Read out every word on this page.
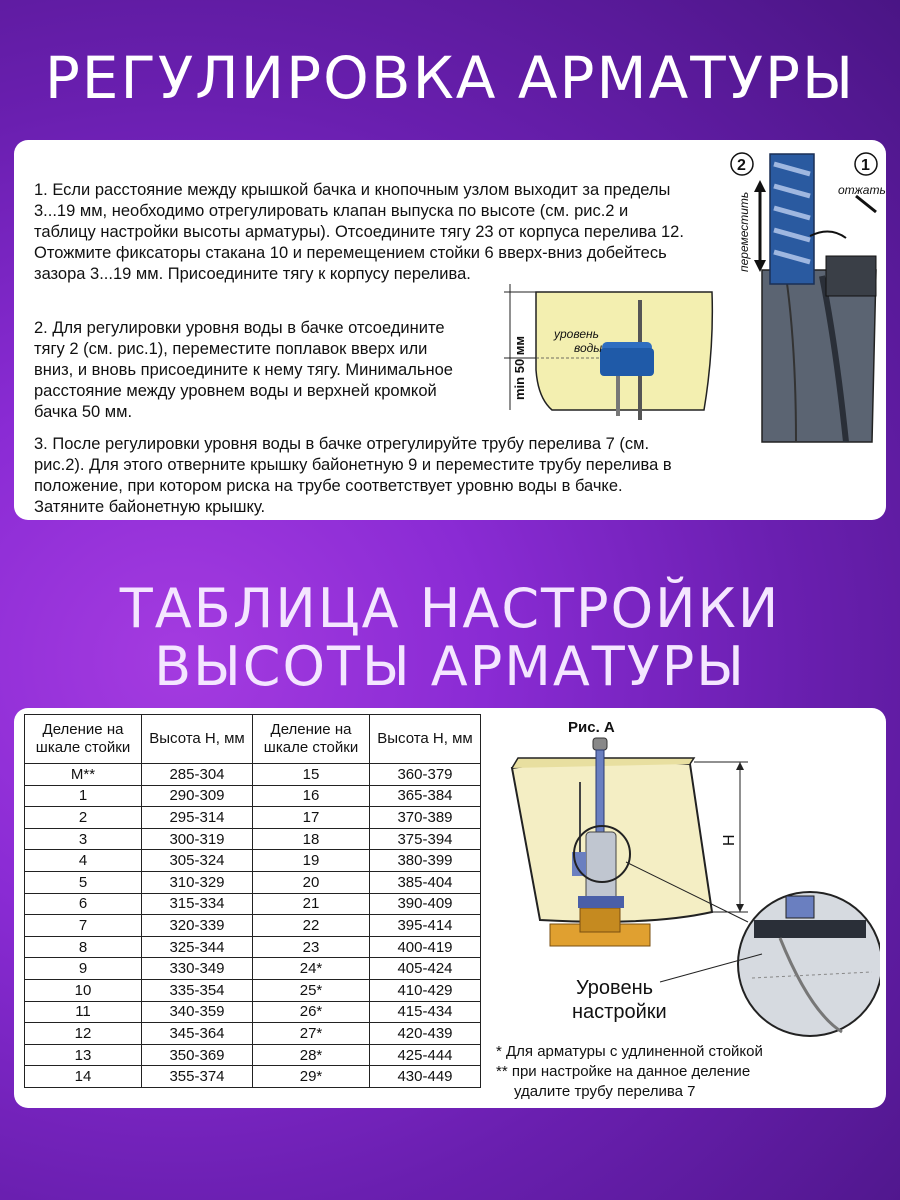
РЕГУЛИРОВКА АРМАТУРЫ
1. Если расстояние между крышкой бачка и кнопочным узлом выходит за пределы 3...19 мм, необходимо отрегулировать клапан выпуска по высоте (см. рис.2 и таблицу настройки высоты арматуры). Отсоедините тягу 23 от корпуса перелива 12. Отожмите фиксаторы стакана 10 и перемещением стойки 6 вверх-вниз добейтесь зазора 3...19 мм. Присоедините тягу к корпусу перелива.
2. Для регулировки уровня воды в бачке отсоедините тягу 2 (см. рис.1), переместите поплавок вверх или вниз, и вновь присоедините к нему тягу. Минимальное расстояние между уровнем воды и верхней кромкой бачка 50 мм.
3. После регулировки уровня воды в бачке отрегулируйте трубу перелива 7 (см. рис.2). Для этого отверните крышку байонетную 9 и переместите трубу перелива в положение, при котором риска на трубе соответствует уровню воды в бачке. Затяните байонетную крышку.
min 50 мм
уровень
воды
2	1
переместить
отжать
ТАБЛИЦА НАСТРОЙКИ
ВЫСОТЫ АРМАТУРЫ
Деление на шкале стойки	Высота Н, мм	Деление на шкале стойки	Высота Н, мм
M**	285-304	15	360-379
1	290-309	16	365-384
2	295-314	17	370-389
3	300-319	18	375-394
4	305-324	19	380-399
5	310-329	20	385-404
6	315-334	21	390-409
7	320-339	22	395-414
8	325-344	23	400-419
9	330-349	24*	405-424
10	335-354	25*	410-429
11	340-359	26*	415-434
12	345-364	27*	420-439
13	350-369	28*	425-444
14	355-374	29*	430-449
Рис. А
H
Уровень
настройки
* Для арматуры с удлиненной стойкой
** при настройке на данное деление
удалите трубу перелива 7
